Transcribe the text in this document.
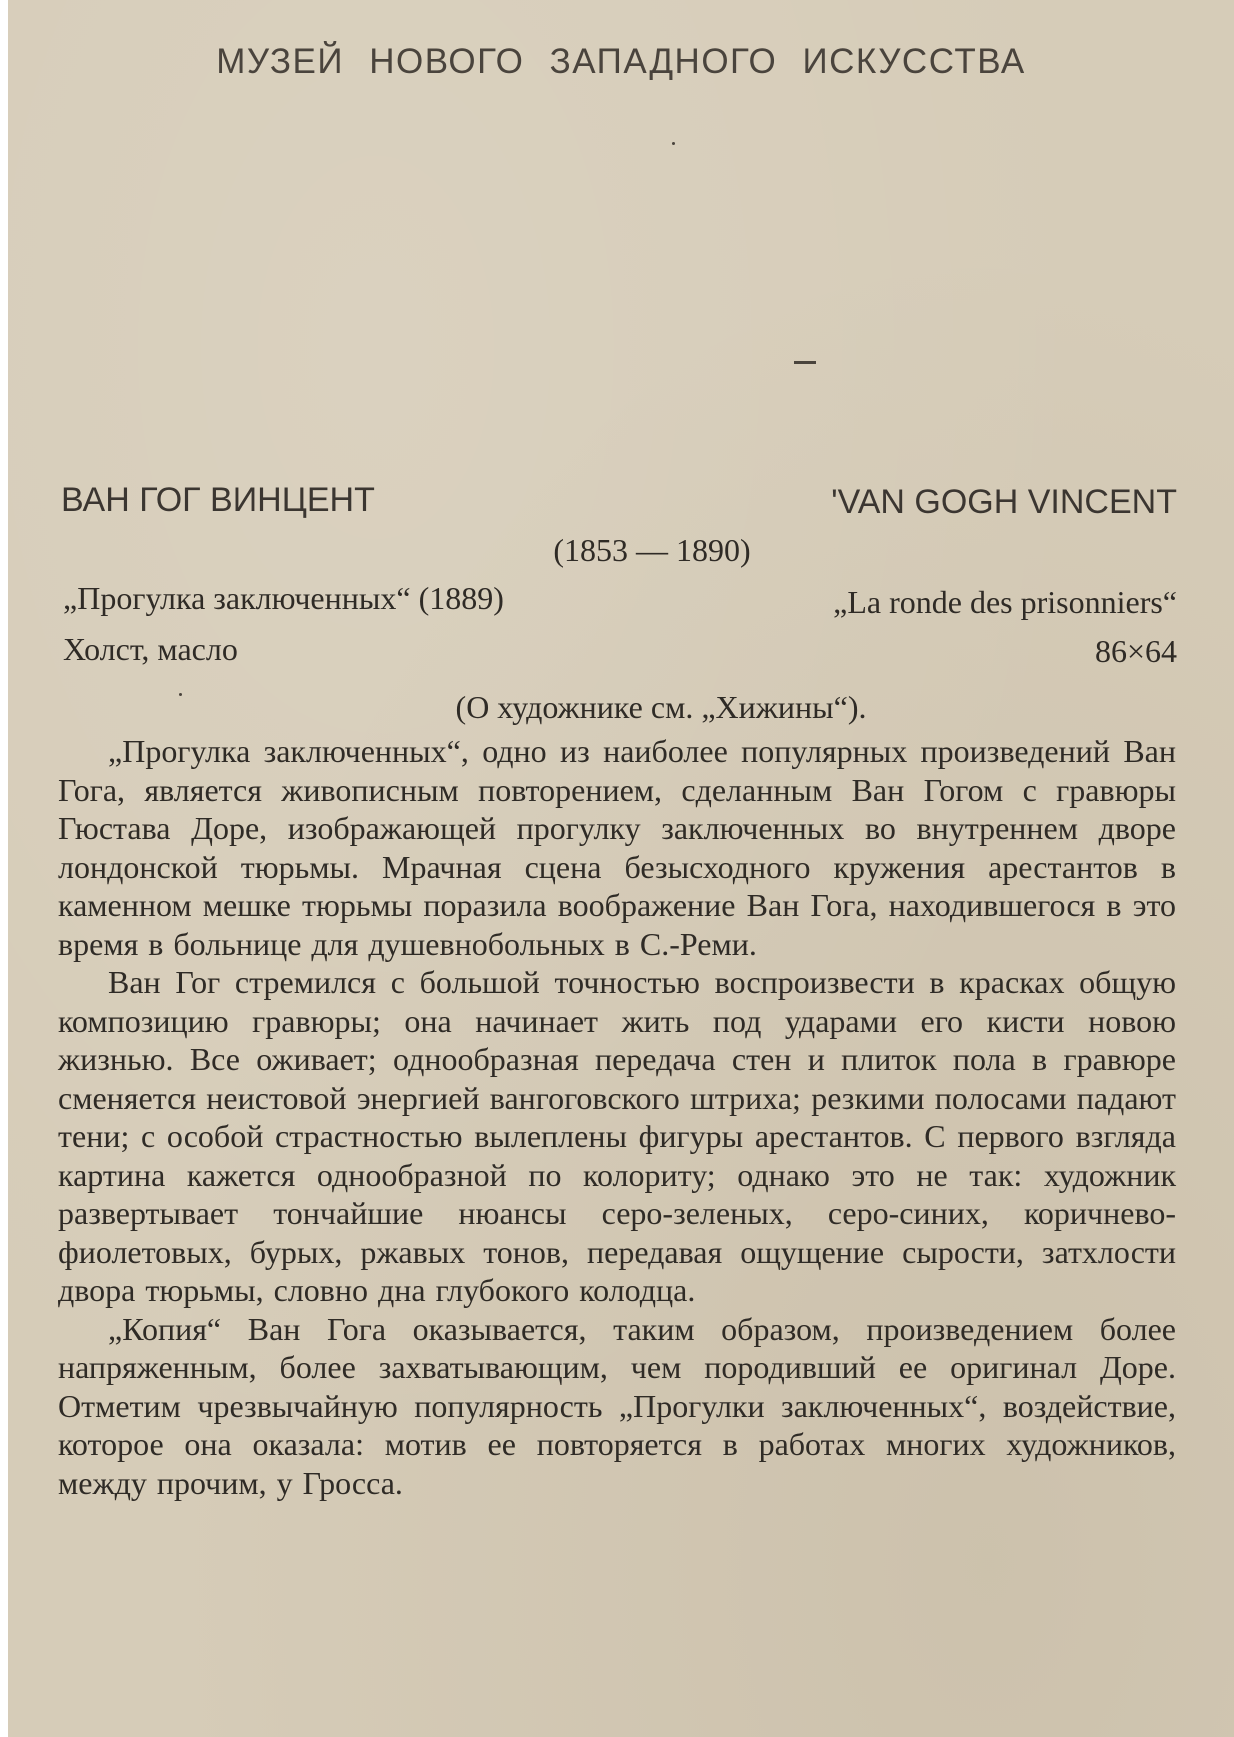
МУЗЕЙ НОВОГО ЗАПАДНОГО ИСКУССТВА
ВАН ГОГ ВИНЦЕНТ	'VAN GOGH VINCENT
(1853 — 1890)
„Прогулка заключенных“ (1889)	„La ronde des prisonniers“
Холст, масло	86×64
(О художнике см. „Хижины“).

„Прогулка заключенных“, одно из наиболее популярных произведений Ван Гога, является живописным повторением, сделанным Ван Гогом с гравюры Гюстава Доре, изображающей прогулку заключенных во внутреннем дворе лондонской тюрьмы. Мрачная сцена безысходного кружения арестантов в каменном мешке тюрьмы поразила воображение Ван Гога, находившегося в это время в больнице для душевнобольных в С.-Реми.

Ван Гог стремился с большой точностью воспроизвести в красках общую композицию гравюры; она начинает жить под ударами его кисти новою жизнью. Все оживает; однообразная передача стен и плиток пола в гравюре сменяется неистовой энергией вангоговского штриха; резкими полосами падают тени; с особой страстностью вылеплены фигуры арестантов. С первого взгляда картина кажется однообразной по колориту; однако это не так: художник развертывает тончайшие нюансы серо-зеленых, серо-синих, коричнево-фиолетовых, бурых, ржавых тонов, передавая ощущение сырости, затхлости двора тюрьмы, словно дна глубокого колодца.

„Копия“ Ван Гога оказывается, таким образом, произведением более напряженным, более захватывающим, чем породивший ее оригинал Доре. Отметим чрезвычайную популярность „Прогулки заключенных“, воздействие, которое она оказала: мотив ее повторяется в работах многих художников, между прочим, у Гросса.
